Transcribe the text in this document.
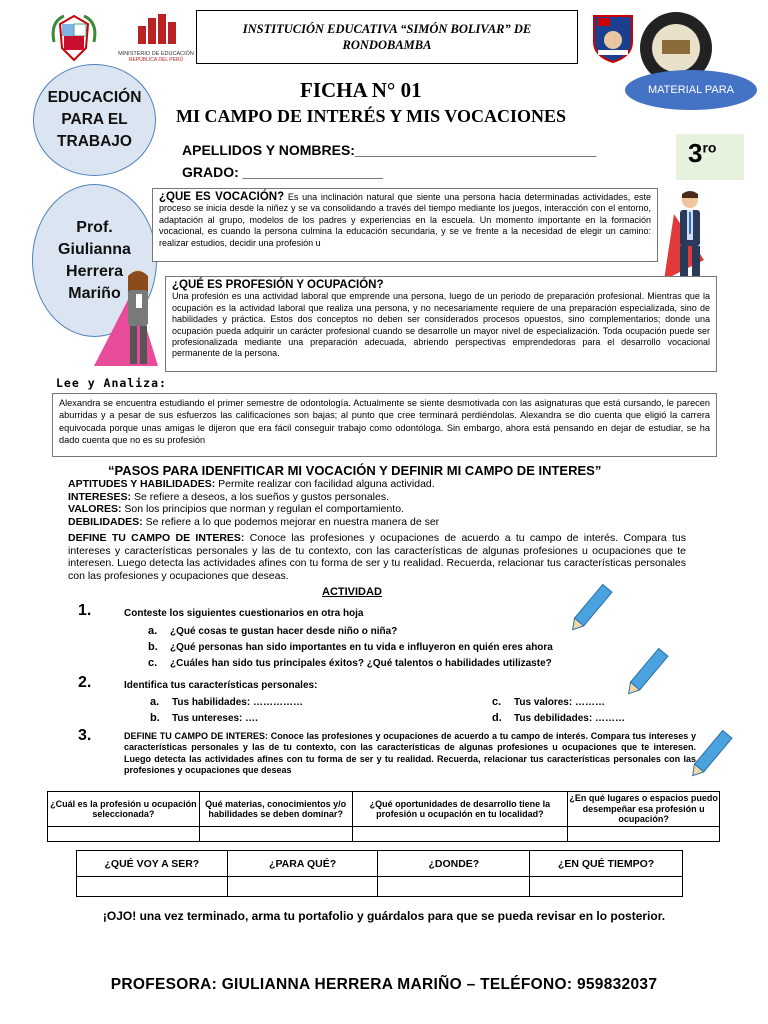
MINISTERIO DE EDUCACIÓN
REPÚBLICA DEL PERÚ
INSTITUCIÓN EDUCATIVA “SIMÓN BOLIVAR” DE RONDOBAMBA
EDUCACIÓN PARA EL TRABAJO
MATERIAL PARA
FICHA N° 01
MI CAMPO DE INTERÉS Y MIS VOCACIONES
APELLIDOS Y NOMBRES:_______________________________
GRADO: __________________
$3^{ro}$
Prof. Giulianna Herrera Mariño
¿QUE ES VOCACIÓN? Es una inclinación natural que siente una persona hacia determinadas actividades, este proceso se inicia desde la niñez y se va consolidando a través del tiempo mediante los juegos, interacción con el entorno, adaptación al grupo, modelos de los padres y experiencias en la escuela. Un momento importante en la formación vocacional, es cuando la persona culmina la educación secundaria, y se ve frente a la necesidad de elegir un camino: realizar estudios, decidir una profesión u
¿QUÉ ES PROFESIÓN Y OCUPACIÓN?
Una profesión es una actividad laboral que emprende una persona, luego de un periodo de preparación profesional. Mientras que la ocupación es la actividad laboral que realiza una persona, y no necesariamente requiere de una preparación especializada, sino de habilidades y práctica. Estos dos conceptos no deben ser considerados procesos opuestos, sino complementarios; donde una ocupación pueda adquirir un carácter profesional cuando se desarrolle un mayor nivel de especialización. Toda ocupación puede ser profesionalizada mediante una preparación adecuada, abriendo perspectivas emprendedoras para el desarrollo vocacional permanente de la persona.
Lee y Analiza:
Alexandra se encuentra estudiando el primer semestre de odontología. Actualmente se siente desmotivada con las asignaturas que está cursando, le parecen aburridas y a pesar de sus esfuerzos las calificaciones son bajas; al punto que cree terminará perdiéndolas. Alexandra se dio cuenta que eligió la carrera equivocada porque unas amigas le dijeron que era fácil conseguir trabajo como odontóloga. Sin embargo, ahora está pensando en dejar de estudiar, se ha dado cuenta que no es su profesión
“PASOS PARA IDENFITICAR MI VOCACIÓN Y DEFINIR MI CAMPO DE INTERES”

APTITUDES Y HABILIDADES: Permite realizar con facilidad alguna actividad.

INTERESES: Se refiere a deseos, a los sueños y gustos personales.

VALORES: Son los principios que norman y regulan el comportamiento.

DEBILIDADES: Se refiere a lo que podemos mejorar en nuestra manera de ser

DEFINE TU CAMPO DE INTERES: Conoce las profesiones y ocupaciones de acuerdo a tu campo de interés. Compara tus intereses y características personales y las de tu contexto, con las características de algunas profesiones u ocupaciones que te interesen. Luego detecta las actividades afines con tu forma de ser y tu realidad. Recuerda, relacionar tus características personales con las profesiones y ocupaciones que deseas.
ACTIVIDAD
1.	Conteste los siguientes cuestionarios en otra hoja
a. ¿Qué cosas te gustan hacer desde niño o niña?
b. ¿Qué personas han sido importantes en tu vida e influyeron en quién eres ahora
c. ¿Cuáles han sido tus principales éxitos? ¿Qué talentos o habilidades utilizaste?
2.	Identifica tus características personales:
a. Tus habilidades: ……………
b. Tus untereses: ….
c. Tus valores: ………
d. Tus debilidades: ………
3.	DEFINE TU CAMPO DE INTERES: Conoce las profesiones y ocupaciones de acuerdo a tu campo de interés. Compara tus intereses y características personales y las de tu contexto, con las características de algunas profesiones u ocupaciones que te interesen. Luego detecta las actividades afines con tu forma de ser y tu realidad. Recuerda, relacionar tus características personales con las profesiones y ocupaciones que deseas
¿Cuál es la profesión u ocupación seleccionada?	Qué materias, conocimientos y/o habilidades se deben dominar?	¿Qué oportunidades de desarrollo tiene la profesión u ocupación en tu localidad?	¿En qué lugares o espacios puedo desempeñar esa profesión u ocupación?

¿QUÉ VOY A SER?	¿PARA QUÉ?	¿DONDE?	¿EN QUÉ TIEMPO?

¡OJO! una vez terminado, arma tu portafolio y guárdalos para que se pueda revisar en lo posterior.
PROFESORA: GIULIANNA HERRERA MARIÑO – TELÉFONO: 959832037
